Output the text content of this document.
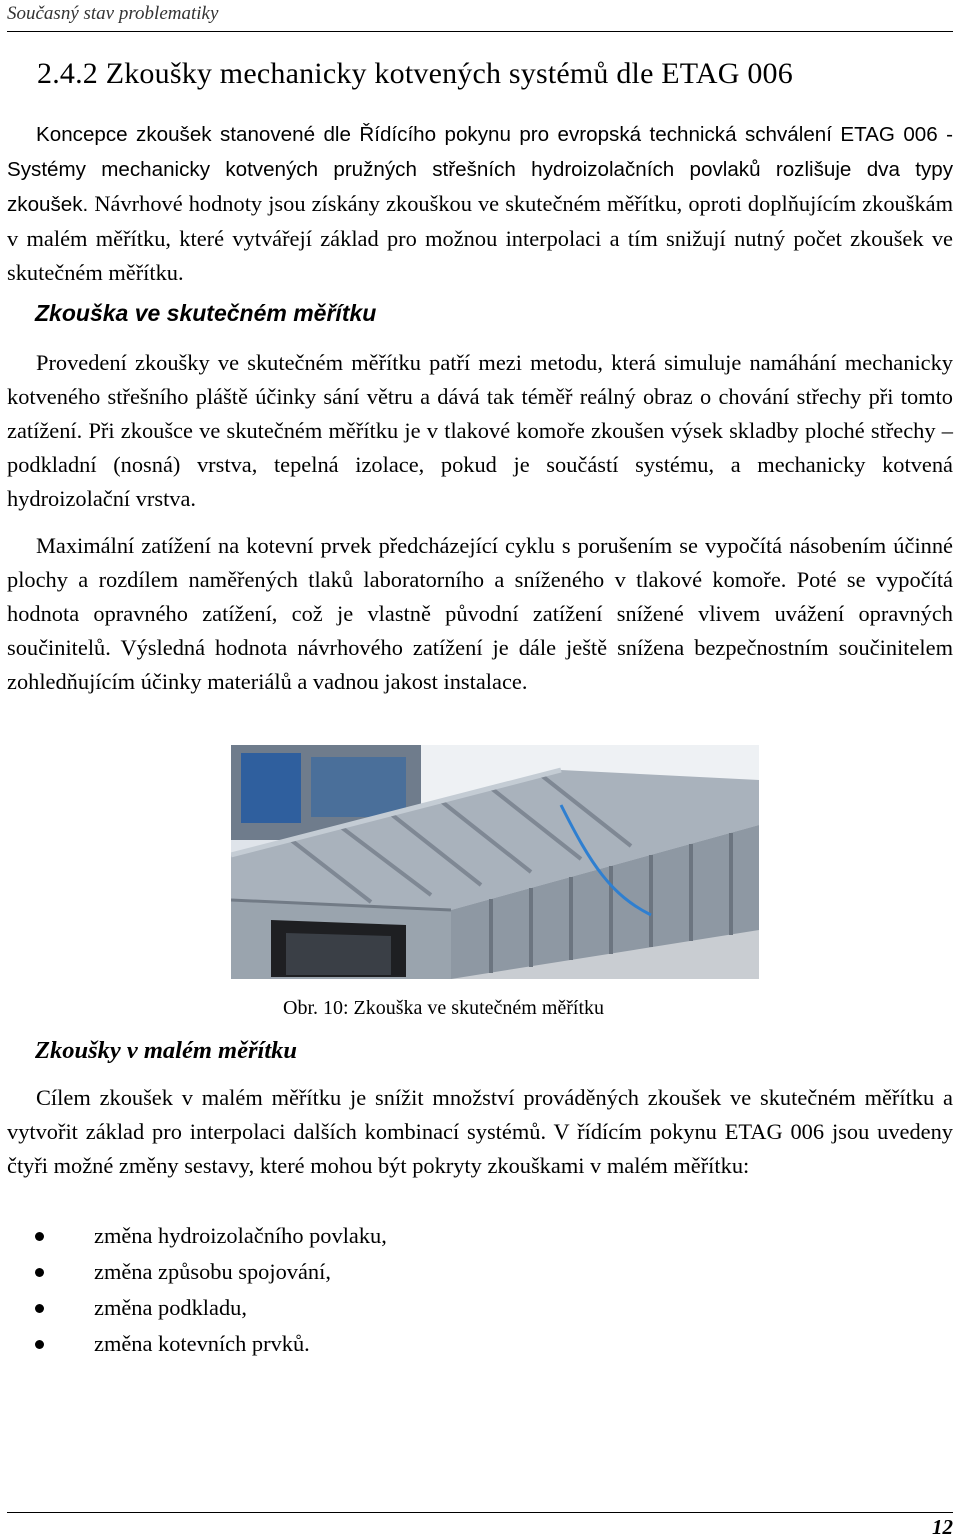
Současný stav problematiky
2.4.2 Zkoušky mechanicky kotvených systémů dle ETAG 006

Koncepce zkoušek stanovené dle Řídícího pokynu pro evropská technická schválení ETAG 006 - Systémy mechanicky kotvených pružných střešních hydroizolačních povlaků rozlišuje dva typy zkoušek. Návrhové hodnoty jsou získány zkouškou ve skutečném měřítku, oproti doplňujícím zkouškám v malém měřítku, které vytvářejí základ pro možnou interpolaci a tím snižují nutný počet zkoušek ve skutečném měřítku.

Zkouška ve skutečném měřítku

Provedení zkoušky ve skutečném měřítku patří mezi metodu, která simuluje namáhání mechanicky kotveného střešního pláště účinky sání větru a dává tak téměř reálný obraz o chování střechy při tomto zatížení. Při zkoušce ve skutečném měřítku je v tlakové komoře zkoušen výsek skladby ploché střechy – podkladní (nosná) vrstva, tepelná izolace, pokud je součástí systému, a mechanicky kotvená hydroizolační vrstva.

Maximální zatížení na kotevní prvek předcházející cyklu s porušením se vypočítá násobením účinné plochy a rozdílem naměřených tlaků laboratorního a sníženého v tlakové komoře. Poté se vypočítá hodnota opravného zatížení, což je vlastně původní zatížení snížené vlivem uvážení opravných součinitelů. Výsledná hodnota návrhového zatížení je dále ještě snížena bezpečnostním součinitelem zohledňujícím účinky materiálů a vadnou jakost instalace.

Obr. 10: Zkouška ve skutečném měřítku

Zkoušky v malém měřítku

Cílem zkoušek v malém měřítku je snížit množství prováděných zkoušek ve skutečném měřítku a vytvořit základ pro interpolaci dalších kombinací systémů. V řídícím pokynu ETAG 006 jsou uvedeny čtyři možné změny sestavy, které mohou být pokryty zkouškami v malém měřítku:

změna hydroizolačního povlaku,
změna způsobu spojování,
změna podkladu,
změna kotevních prvků.
12
